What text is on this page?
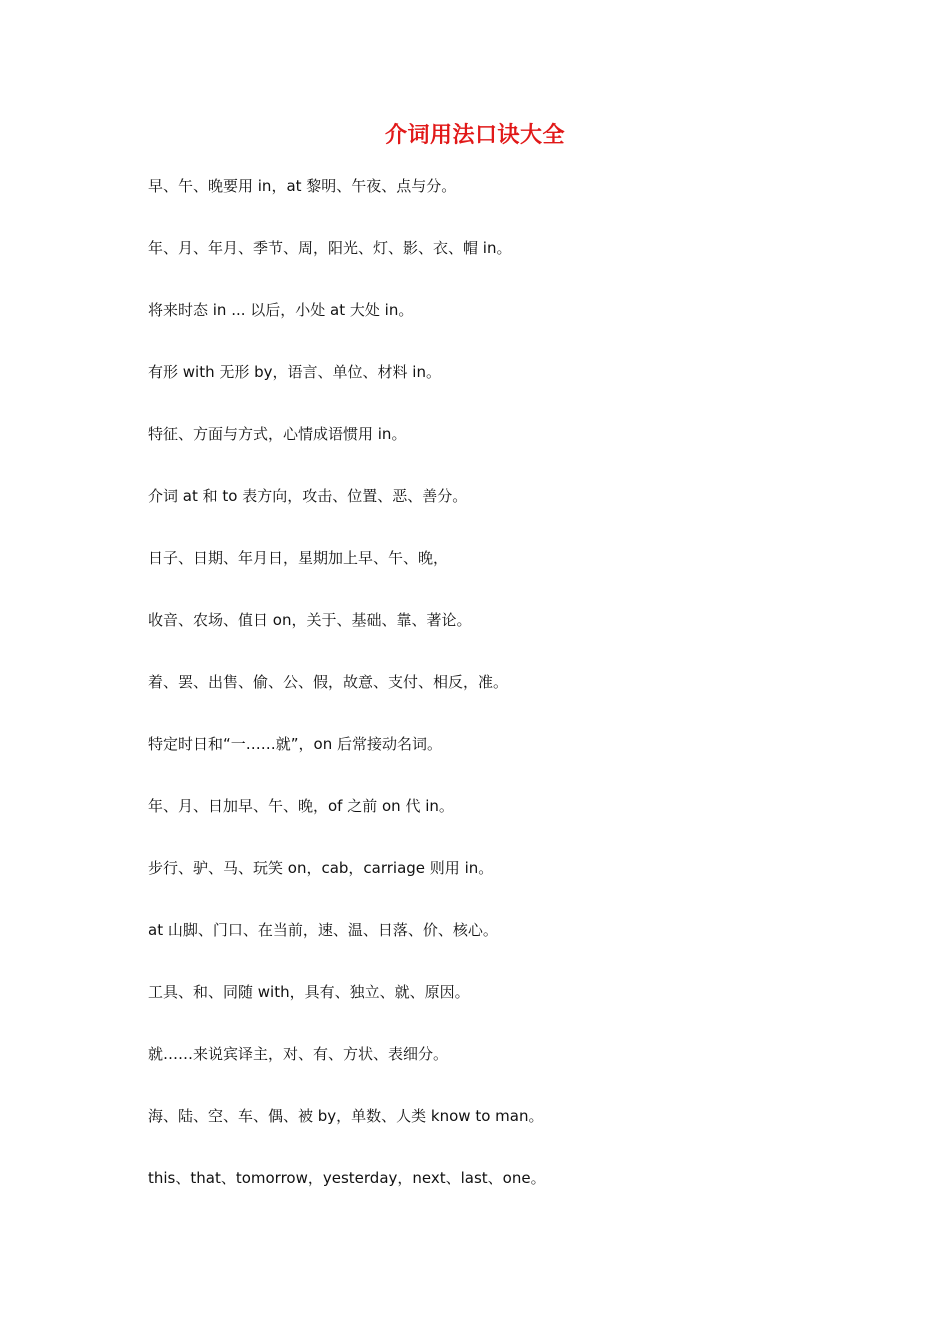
介词用法口诀大全
早、午、晚要用 in，at 黎明、午夜、点与分。
年、月、年月、季节、周，阳光、灯、影、衣、帽 in。
将来时态 in ... 以后，小处 at 大处 in。
有形 with 无形 by，语言、单位、材料 in。
特征、方面与方式，心情成语惯用 in。
介词 at 和 to 表方向，攻击、位置、恶、善分。
日子、日期、年月日，星期加上早、午、晚，
收音、农场、值日 on，关于、基础、靠、著论。
着、罢、出售、偷、公、假，故意、支付、相反，准。
特定时日和“一……就”，on 后常接动名词。
年、月、日加早、午、晚，of 之前 on 代 in。
步行、驴、马、玩笑 on，cab，carriage 则用 in。
at 山脚、门口、在当前，速、温、日落、价、核心。
工具、和、同随 with，具有、独立、就、原因。
就……来说宾译主，对、有、方状、表细分。
海、陆、空、车、偶、被 by，单数、人类 know to man。
this、that、tomorrow，yesterday，next、last、one。
